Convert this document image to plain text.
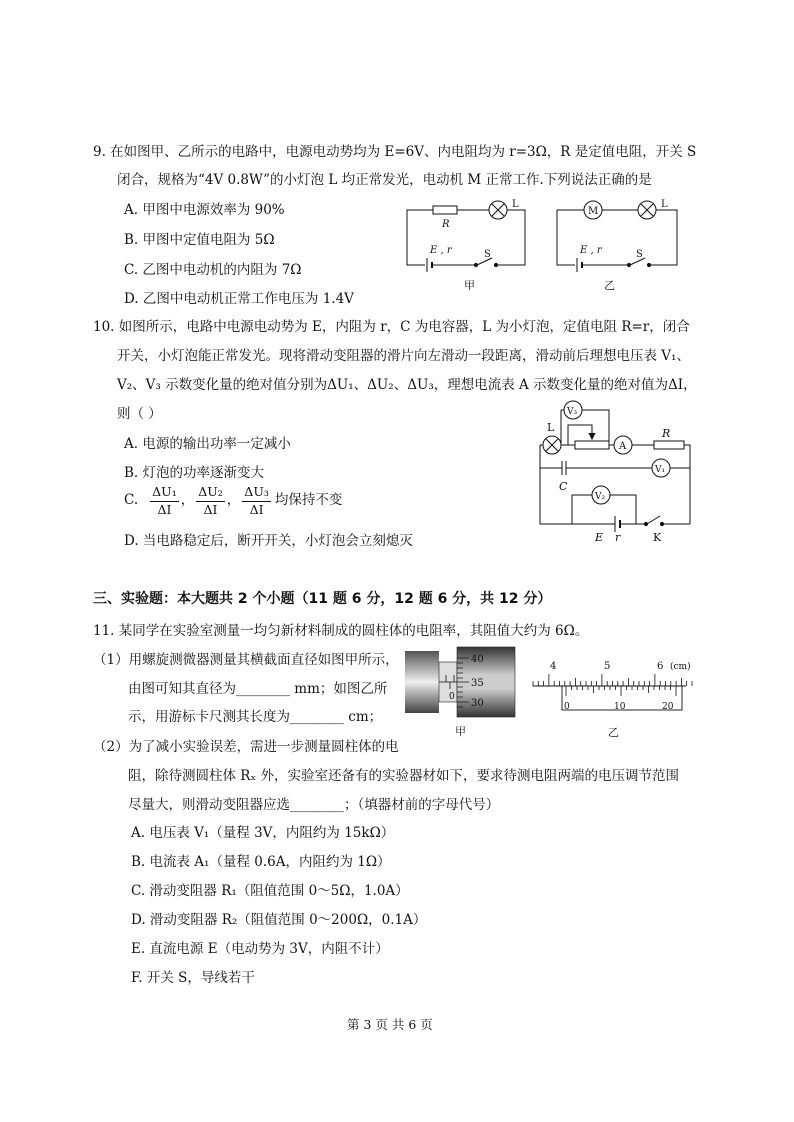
9. 在如图甲、乙所示的电路中，电源电动势均为 E=6V、内电阻均为 r=3Ω，R 是定值电阻，开关 S
闭合，规格为“4V 0.8W”的小灯泡 L 均正常发光，电动机 M 正常工作.下列说法正确的是
A. 甲图中电源效率为 90%
B. 甲图中定值电阻为 5Ω
C. 乙图中电动机的内阻为 7Ω
D. 乙图中电动机正常工作电压为 1.4V
R
L
E , r	S
甲
M
L
E , r	S
乙
10. 如图所示，电路中电源电动势为 E，内阻为 r，C 为电容器，L 为小灯泡，定值电阻 R=r，闭合
开关，小灯泡能正常发光。现将滑动变阻器的滑片向左滑动一段距离，滑动前后理想电压表 V₁、
V₂、V₃ 示数变化量的绝对值分别为ΔU₁、ΔU₂、ΔU₃，理想电流表 A 示数变化量的绝对值为ΔI，
则（ ）
A. 电源的输出功率一定减小
B. 灯泡的功率逐渐变大
C. $\frac{\text{ΔU₁}}{\Delta I}$ ， $\frac{\text{ΔU₂}}{\Delta I}$ ， $\frac{\text{ΔU₃}}{\Delta I}$ 均保持不变
D. 当电路稳定后，断开开关，小灯泡会立刻熄灭
V₃
L
A
R
V₁
C
V₂
E r	K
三、实验题：本大题共 2 个小题（11 题 6 分，12 题 6 分，共 12 分）
11. 某同学在实验室测量一均匀新材料制成的圆柱体的电阻率，其阻值大约为 6Ω。
（1）用螺旋测微器测量其横截面直径如图甲所示，
由图可知其直径为________ mm；如图乙所
示，用游标卡尺测其长度为________ cm；
（2）为了减小实验误差，需进一步测量圆柱体的电
阻，除待测圆柱体 Rₓ 外，实验室还备有的实验器材如下，要求待测电阻两端的电压调节范围
尽量大，则滑动变阻器应选________；（填器材前的字母代号）
A. 电压表 V₁（量程 3V，内阻约为 15kΩ）
B. 电流表 A₁（量程 0.6A，内阻约为 1Ω）
C. 滑动变阻器 R₁（阻值范围 0～5Ω，1.0A）
D. 滑动变阻器 R₂（阻值范围 0～200Ω，0.1A）
E. 直流电源 E（电动势为 3V，内阻不计）
F. 开关 S，导线若干
40
35
30
0
甲
4	5	6 (cm)
0	10	20
乙
第 3 页 共 6 页
